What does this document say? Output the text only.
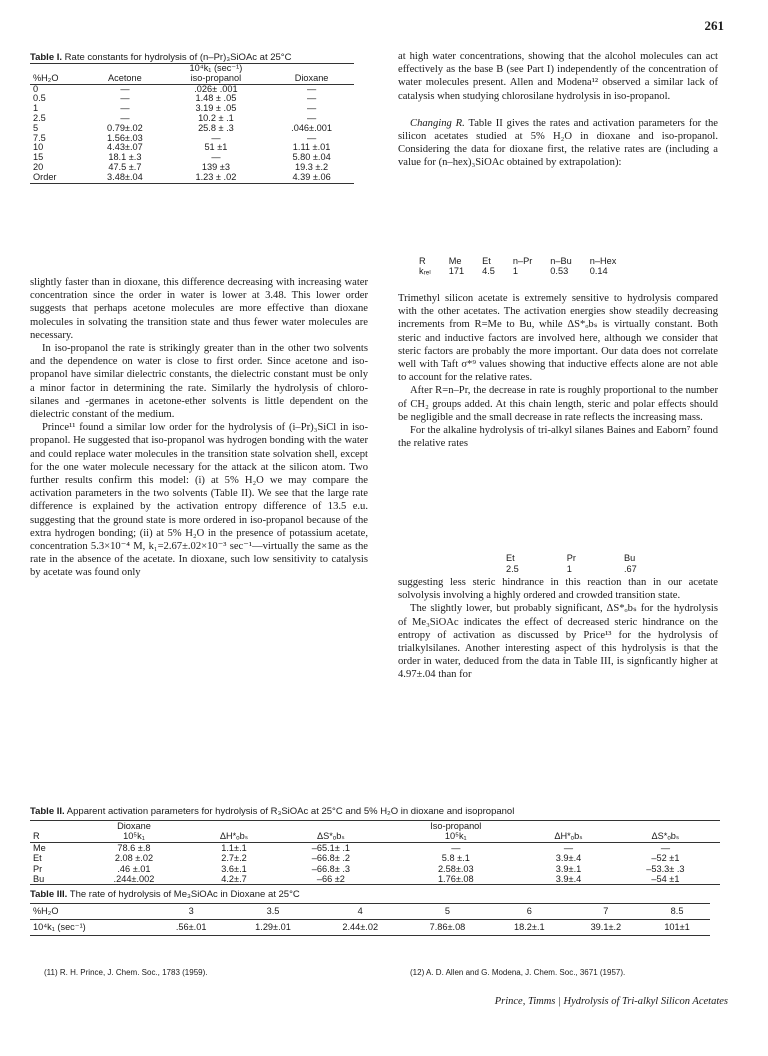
261
Table I. Rate constants for hydrolysis of (n–Pr)₃SiOAc at 25°C
		10⁴k₁ (sec⁻¹)	
%H₂O	Acetone	iso-propanol	Dioxane
0	—	.026± .001	—
0.5	—	1.48 ± .05	—
1	—	3.19 ± .05	—
2.5	—	10.2 ± .1	—
5	0.79±.02	25.8 ± .3	.046±.001
7.5	1.56±.03	—	—
10	4.43±.07	51 ±1	1.11 ±.01
15	18.1 ±.3	—	5.80 ±.04
20	47.5 ±.7	139 ±3	19.3 ±.2
Order	3.48±.04	1.23 ± .02	4.39 ±.06

slightly faster than in dioxane, this difference decreasing with increasing water concentration since the order in water is lower at 3.48. This lower order suggests that perhaps acetone molecules are more effective than dioxane molecules in solvating the transition state and thus fewer water molecules are necessary.

In iso-propanol the rate is strikingly greater than in the other two solvents and the dependence on water is close to first order. Since acetone and iso-propanol have similar dielectric constants, the dielectric constant must be only a minor factor in determining the rate. Similarly the hydrolysis of chloro-silanes and -germanes in acetone-ether solvents is little dependent on the dielectric constant of the medium.

Prince¹¹ found a similar low order for the hydrolysis of (i–Pr)₃SiCl in iso-propanol. He suggested that iso-propanol was hydrogen bonding with the water and could replace water molecules in the transition state solvation shell, except for the one water molecule necessary for the attack at the silicon atom. Two further results confirm this model: (i) at 5% H₂O we may compare the activation parameters in the two solvents (Table II). We see that the large rate difference is explained by the activation entropy difference of 13.5 e.u. suggesting that the ground state is more ordered in iso-propanol because of the extra hydrogen bonding; (ii) at 5% H₂O in the presence of potassium acetate, concentration 5.3×10⁻⁴ M, k₁=2.67±.02×10⁻³ sec⁻¹—virtually the same as the rate in the absence of the acetate. In dioxane, such low sensitivity to catalysis by acetate was found only

at high water concentrations, showing that the alcohol molecules can act effectively as the base B (see Part I) independently of the concentration of water molecules present. Allen and Modena¹² observed a similar lack of catalysis when studying chlorosilane hydrolysis in iso-propanol.

Changing R. Table II gives the rates and activation parameters for the silicon acetates studied at 5% H₂O in dioxane and iso-propanol. Considering the data for dioxane first, the relative rates are (including a value for (n–hex)₃SiOAc obtained by extrapolation):

R	Me	Et	n–Pr	n–Bu	n–Hex
kᵣₑₗ	171	4.5	1	0.53	0.14

Trimethyl silicon acetate is extremely sensitive to hydrolysis compared with the other acetates. The activation energies show steadily decreasing increments from R=Me to Bu, while ΔS*ₒbₛ is virtually constant. Both steric and inductive factors are involved here, although we consider that steric factors are probably the more important. Our data does not correlate well with Taft σ*⁹ values showing that inductive effects alone are not able to account for the relative rates.

After R=n–Pr, the decrease in rate is roughly proportional to the number of CH₂ groups added. At this chain length, steric and polar effects should be negligible and the small decrease in rate reflects the increasing mass.

For the alkaline hydrolysis of tri-alkyl silanes Baines and Eaborn⁷ found the relative rates

Et	Pr	Bu
2.5	1	.67

suggesting less steric hindrance in this reaction than in our acetate solvolysis involving a highly ordered and crowded transition state.

The slightly lower, but probably significant, ΔS*ₒbₛ for the hydrolysis of Me₃SiOAc indicates the effect of decreased steric hindrance on the entropy of activation as discussed by Price¹³ for the hydrolysis of trialkylsilanes. Another interesting aspect of this hydrolysis is that the order in water, deduced from the data in Table III, is signficantly higher at 4.97±.04 than for

Table II. Apparent activation parameters for hydrolysis of R₃SiOAc at 25°C and 5% H₂O in dioxane and isopropanol
	Dioxane			Iso-propanol		
R	10⁵k₁	ΔH*ₒbₛ	ΔS*ₒbₛ	10⁵k₁	ΔH*ₒbₛ	ΔS*ₒbₛ
Me	78.6 ±.8	1.1±.1	–65.1± .1	—	—	—
Et	2.08 ±.02	2.7±.2	–66.8± .2	5.8 ±.1	3.9±.4	–52 ±1
Pr	.46 ±.01	3.6±.1	–66.8± .3	2.58±.03	3.9±.1	–53.3± .3
Bu	.244±.002	4.2±.7	–66 ±2	1.76±.08	3.9±.4	–54 ±1
Table III. The rate of hydrolysis of Me₃SiOAc in Dioxane at 25°C
%H₂O	3	3.5	4	5	6	7	8.5
10⁴k₁ (sec⁻¹)	.56±.01	1.29±.01	2.44±.02	7.86±.08	18.2±.1	39.1±.2	101±1
(11) R. H. Prince, J. Chem. Soc., 1783 (1959).	(12) A. D. Allen and G. Modena, J. Chem. Soc., 3671 (1957).
Prince, Timms | Hydrolysis of Tri-alkyl Silicon Acetates
